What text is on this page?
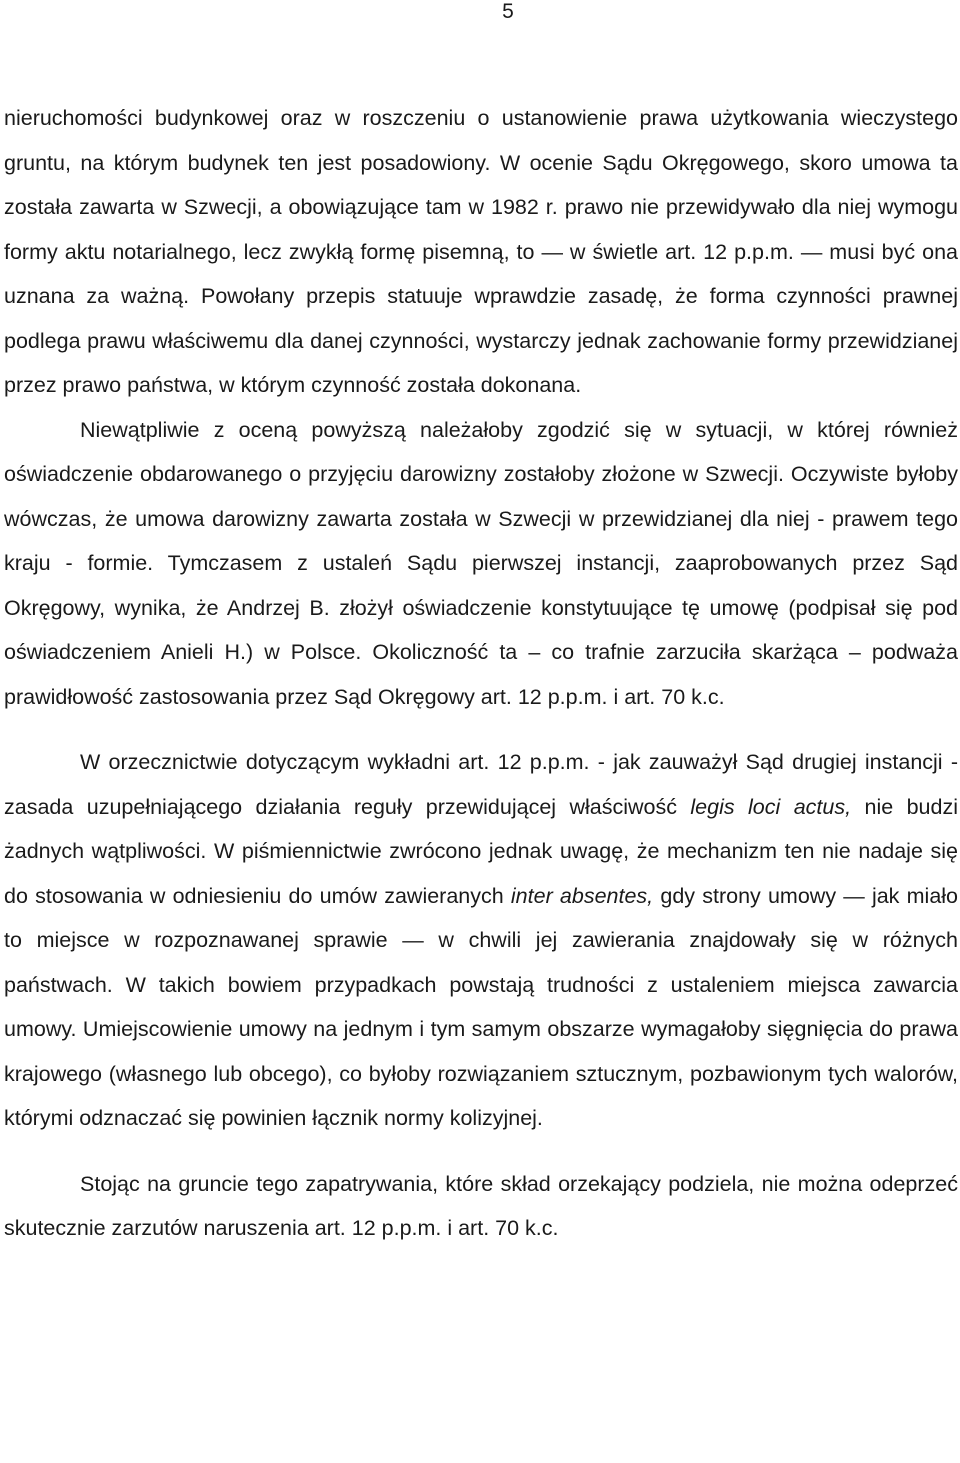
5

nieruchomości budynkowej oraz w roszczeniu o ustanowienie prawa użytkowania wieczystego gruntu, na którym budynek ten jest posadowiony. W ocenie Sądu Okręgowego, skoro umowa ta została zawarta w Szwecji, a obowiązujące tam w 1982 r. prawo nie przewidywało dla niej wymogu formy aktu notarialnego, lecz zwykłą formę pisemną, to — w świetle art. 12 p.p.m. — musi być ona uznana za ważną. Powołany przepis statuuje wprawdzie zasadę, że forma czynności prawnej podlega prawu właściwemu dla danej czynności, wystarczy jednak zachowanie formy przewidzianej przez prawo państwa, w którym czynność została dokonana.

Niewątpliwie z oceną powyższą należałoby zgodzić się w sytuacji, w której również oświadczenie obdarowanego o przyjęciu darowizny zostałoby złożone w Szwecji. Oczywiste byłoby wówczas, że umowa darowizny zawarta została w Szwecji w przewidzianej dla niej - prawem tego kraju - formie. Tymczasem z ustaleń Sądu pierwszej instancji, zaaprobowanych przez Sąd Okręgowy, wynika, że Andrzej B. złożył oświadczenie konstytuujące tę umowę (podpisał się pod oświadczeniem Anieli H.) w Polsce. Okoliczność ta – co trafnie zarzuciła skarżąca – podważa prawidłowość zastosowania przez Sąd Okręgowy art. 12 p.p.m. i art. 70 k.c.

W orzecznictwie dotyczącym wykładni art. 12 p.p.m. - jak zauważył Sąd drugiej instancji - zasada uzupełniającego działania reguły przewidującej właściwość legis loci actus, nie budzi żadnych wątpliwości. W piśmiennictwie zwrócono jednak uwagę, że mechanizm ten nie nadaje się do stosowania w odniesieniu do umów zawieranych inter absentes, gdy strony umowy — jak miało to miejsce w rozpoznawanej sprawie — w chwili jej zawierania znajdowały się w różnych państwach. W takich bowiem przypadkach powstają trudności z ustaleniem miejsca zawarcia umowy. Umiejscowienie umowy na jednym i tym samym obszarze wymagałoby sięgnięcia do prawa krajowego (własnego lub obcego), co byłoby rozwiązaniem sztucznym, pozbawionym tych walorów, którymi odznaczać się powinien łącznik normy kolizyjnej.

Stojąc na gruncie tego zapatrywania, które skład orzekający podziela, nie można odeprzeć skutecznie zarzutów naruszenia art. 12 p.p.m. i art. 70 k.c.
